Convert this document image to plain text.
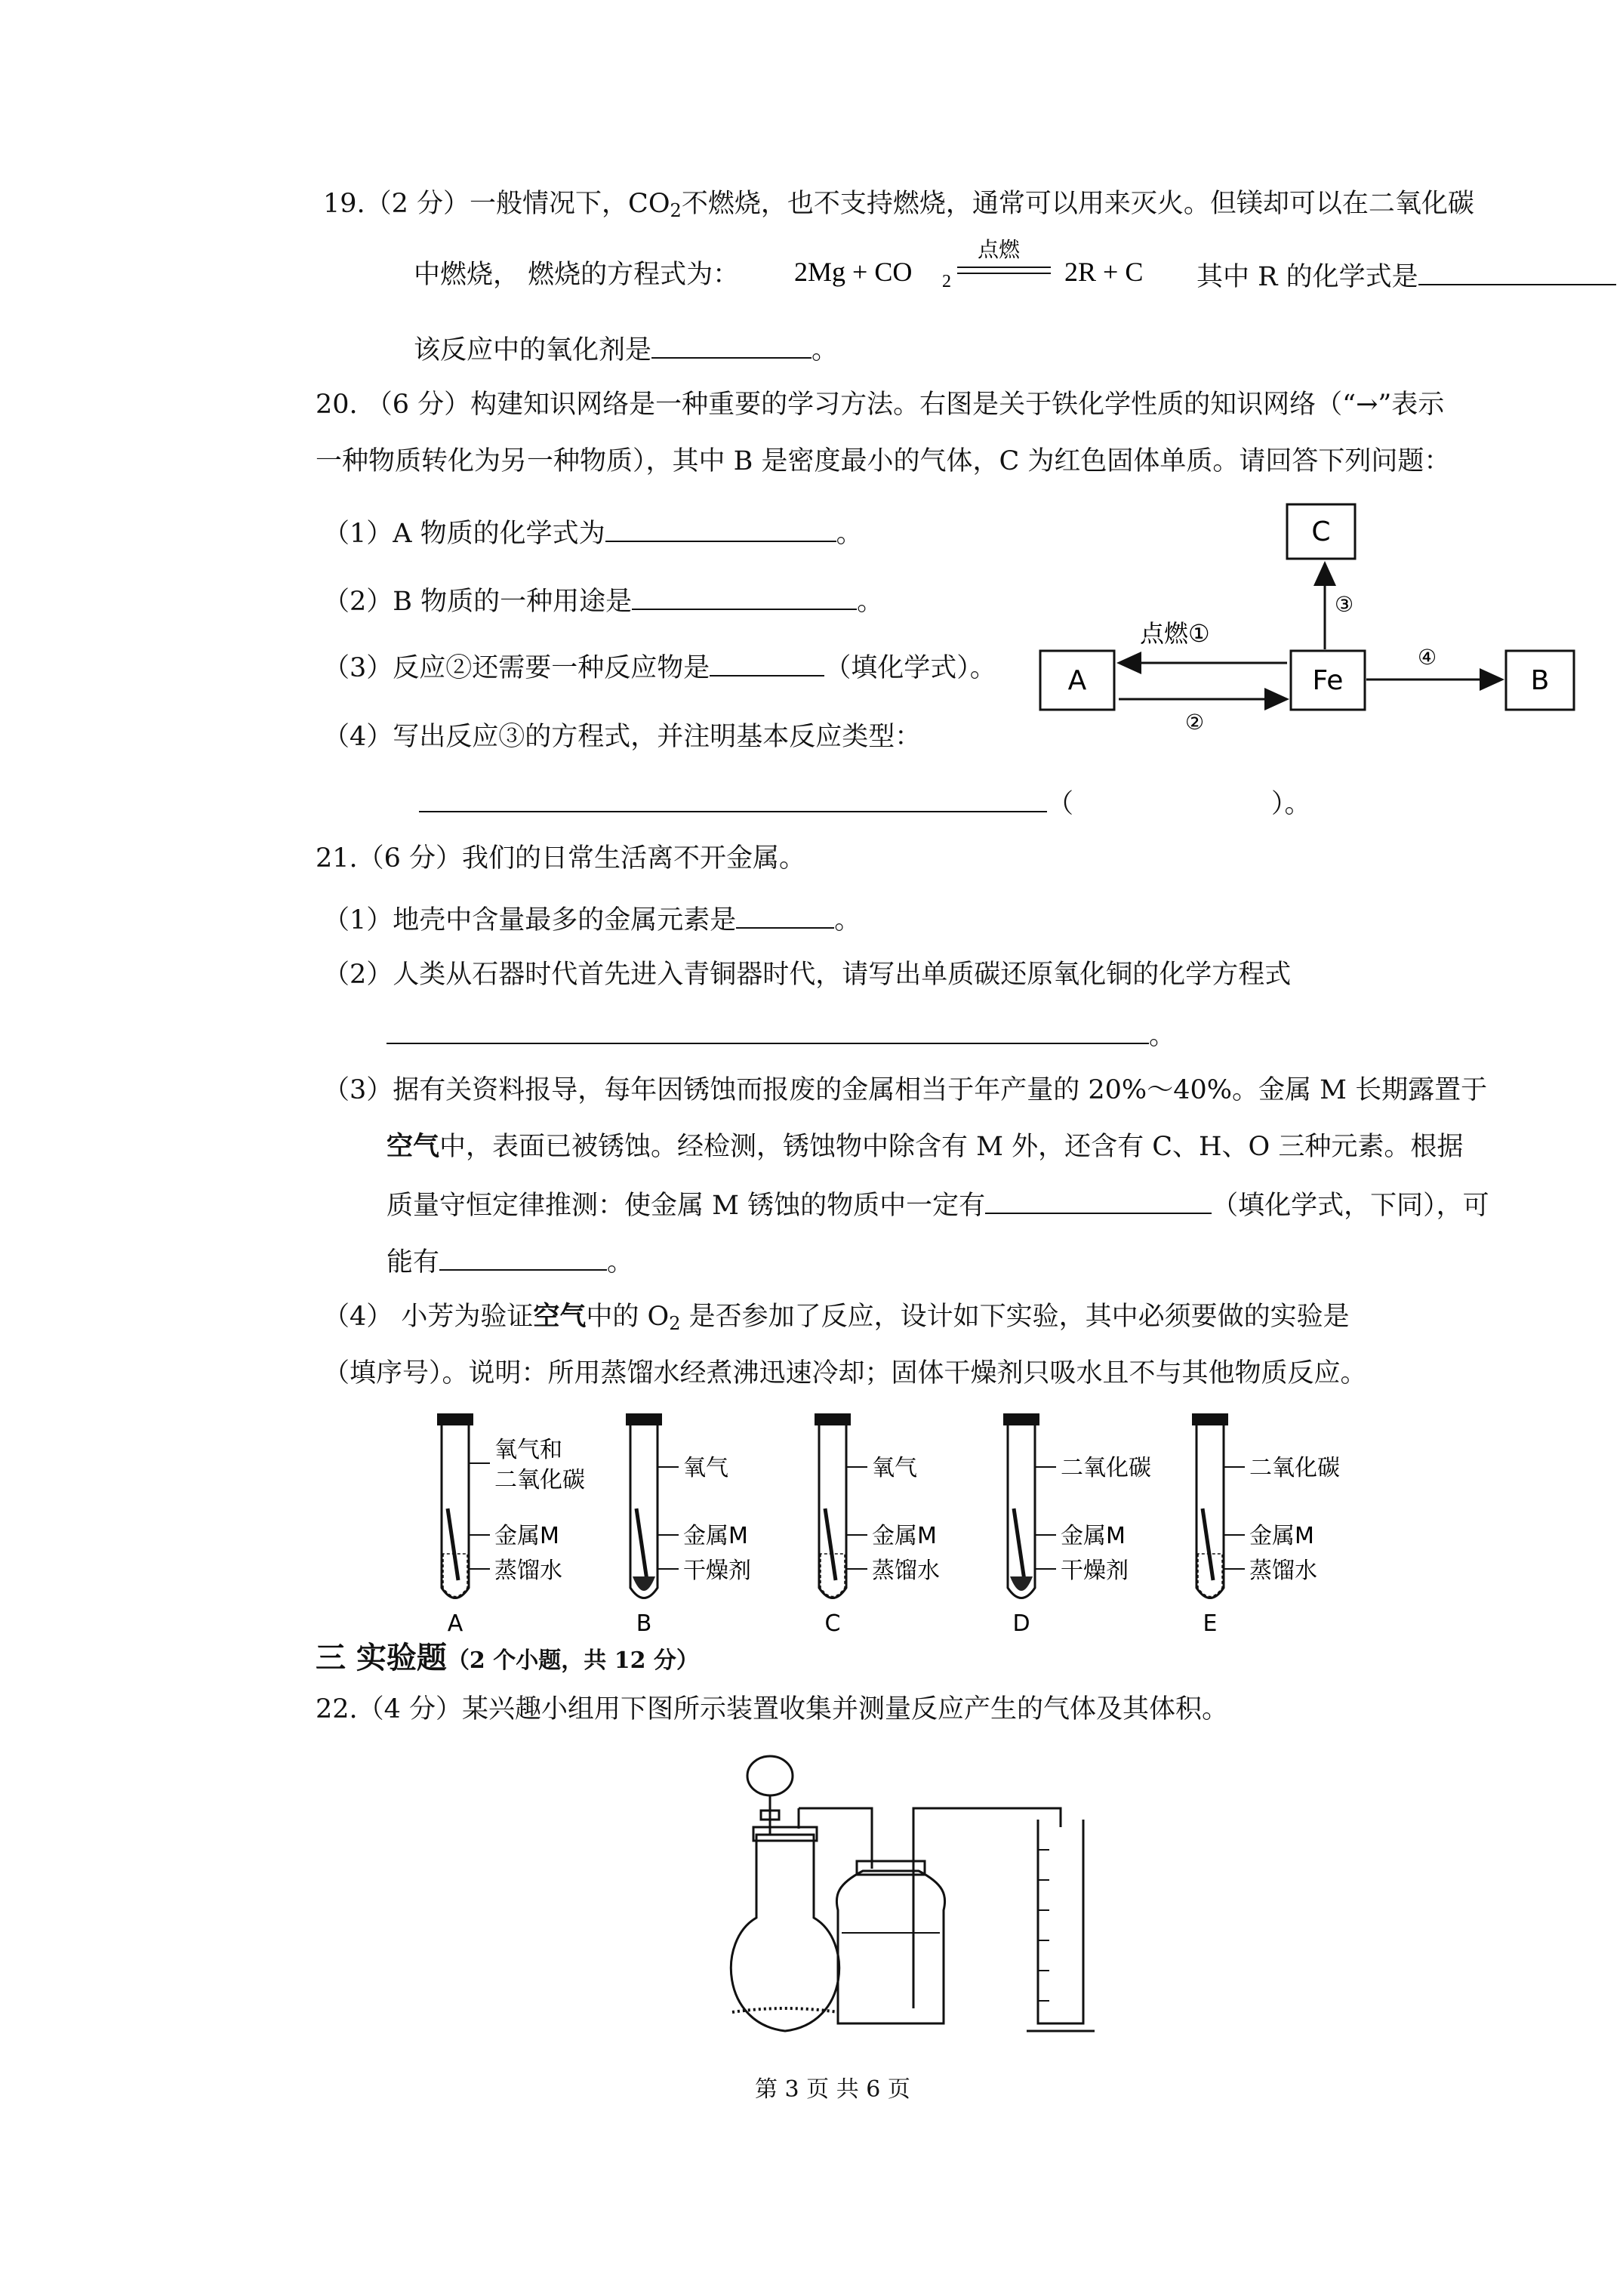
19.（2 分）一般情况下，$CO_2$不燃烧，也不支持燃烧，通常可以用来灭火。但镁却可以在二氧化碳
中燃烧， 燃烧的方程式为： 2Mg + CO 2
点燃
2R + C 其中 R 的化学式是
该反应中的氧化剂是	。
20. （6 分）构建知识网络是一种重要的学习方法。右图是关于铁化学性质的知识网络（“→”表示
一种物质转化为另一种物质），其中 B 是密度最小的气体，C 为红色固体单质。请回答下列问题：
（1）A 物质的化学式为	。
（2）B 物质的一种用途是	。
（3）反应②还需要一种反应物是	（填化学式）。
（4）写出反应③的方程式，并注明基本反应类型：
（	）。
C
A	Fe	B
③
点燃①
②
④
21.（6 分）我们的日常生活离不开金属。
（1）地壳中含量最多的金属元素是	。
（2）人类从石器时代首先进入青铜器时代，请写出单质碳还原氧化铜的化学方程式
。
（3）据有关资料报导，每年因锈蚀而报废的金属相当于年产量的 20%～40%。金属 M 长期露置于
空气中，表面已被锈蚀。经检测，锈蚀物中除含有 M 外，还含有 C、H、O 三种元素。根据
质量守恒定律推测：使金属 M 锈蚀的物质中一定有	（填化学式，下同），可
能有	。
（4） 小芳为验证空气中的 $O_2$ 是否参加了反应，设计如下实验，其中必须要做的实验是
（填序号）。说明：所用蒸馏水经煮沸迅速冷却；固体干燥剂只吸水且不与其他物质反应。
氧气和
二氧化碳
金属M
蒸馏水
A
氧气
金属M
干燥剂
B
氧气
金属M
蒸馏水
C
二氧化碳
金属M
干燥剂
D
二氧化碳
金属M
蒸馏水
E
三 实验题（2 个小题，共 12 分）
22.（4 分）某兴趣小组用下图所示装置收集并测量反应产生的气体及其体积。
第 3 页 共 6 页
